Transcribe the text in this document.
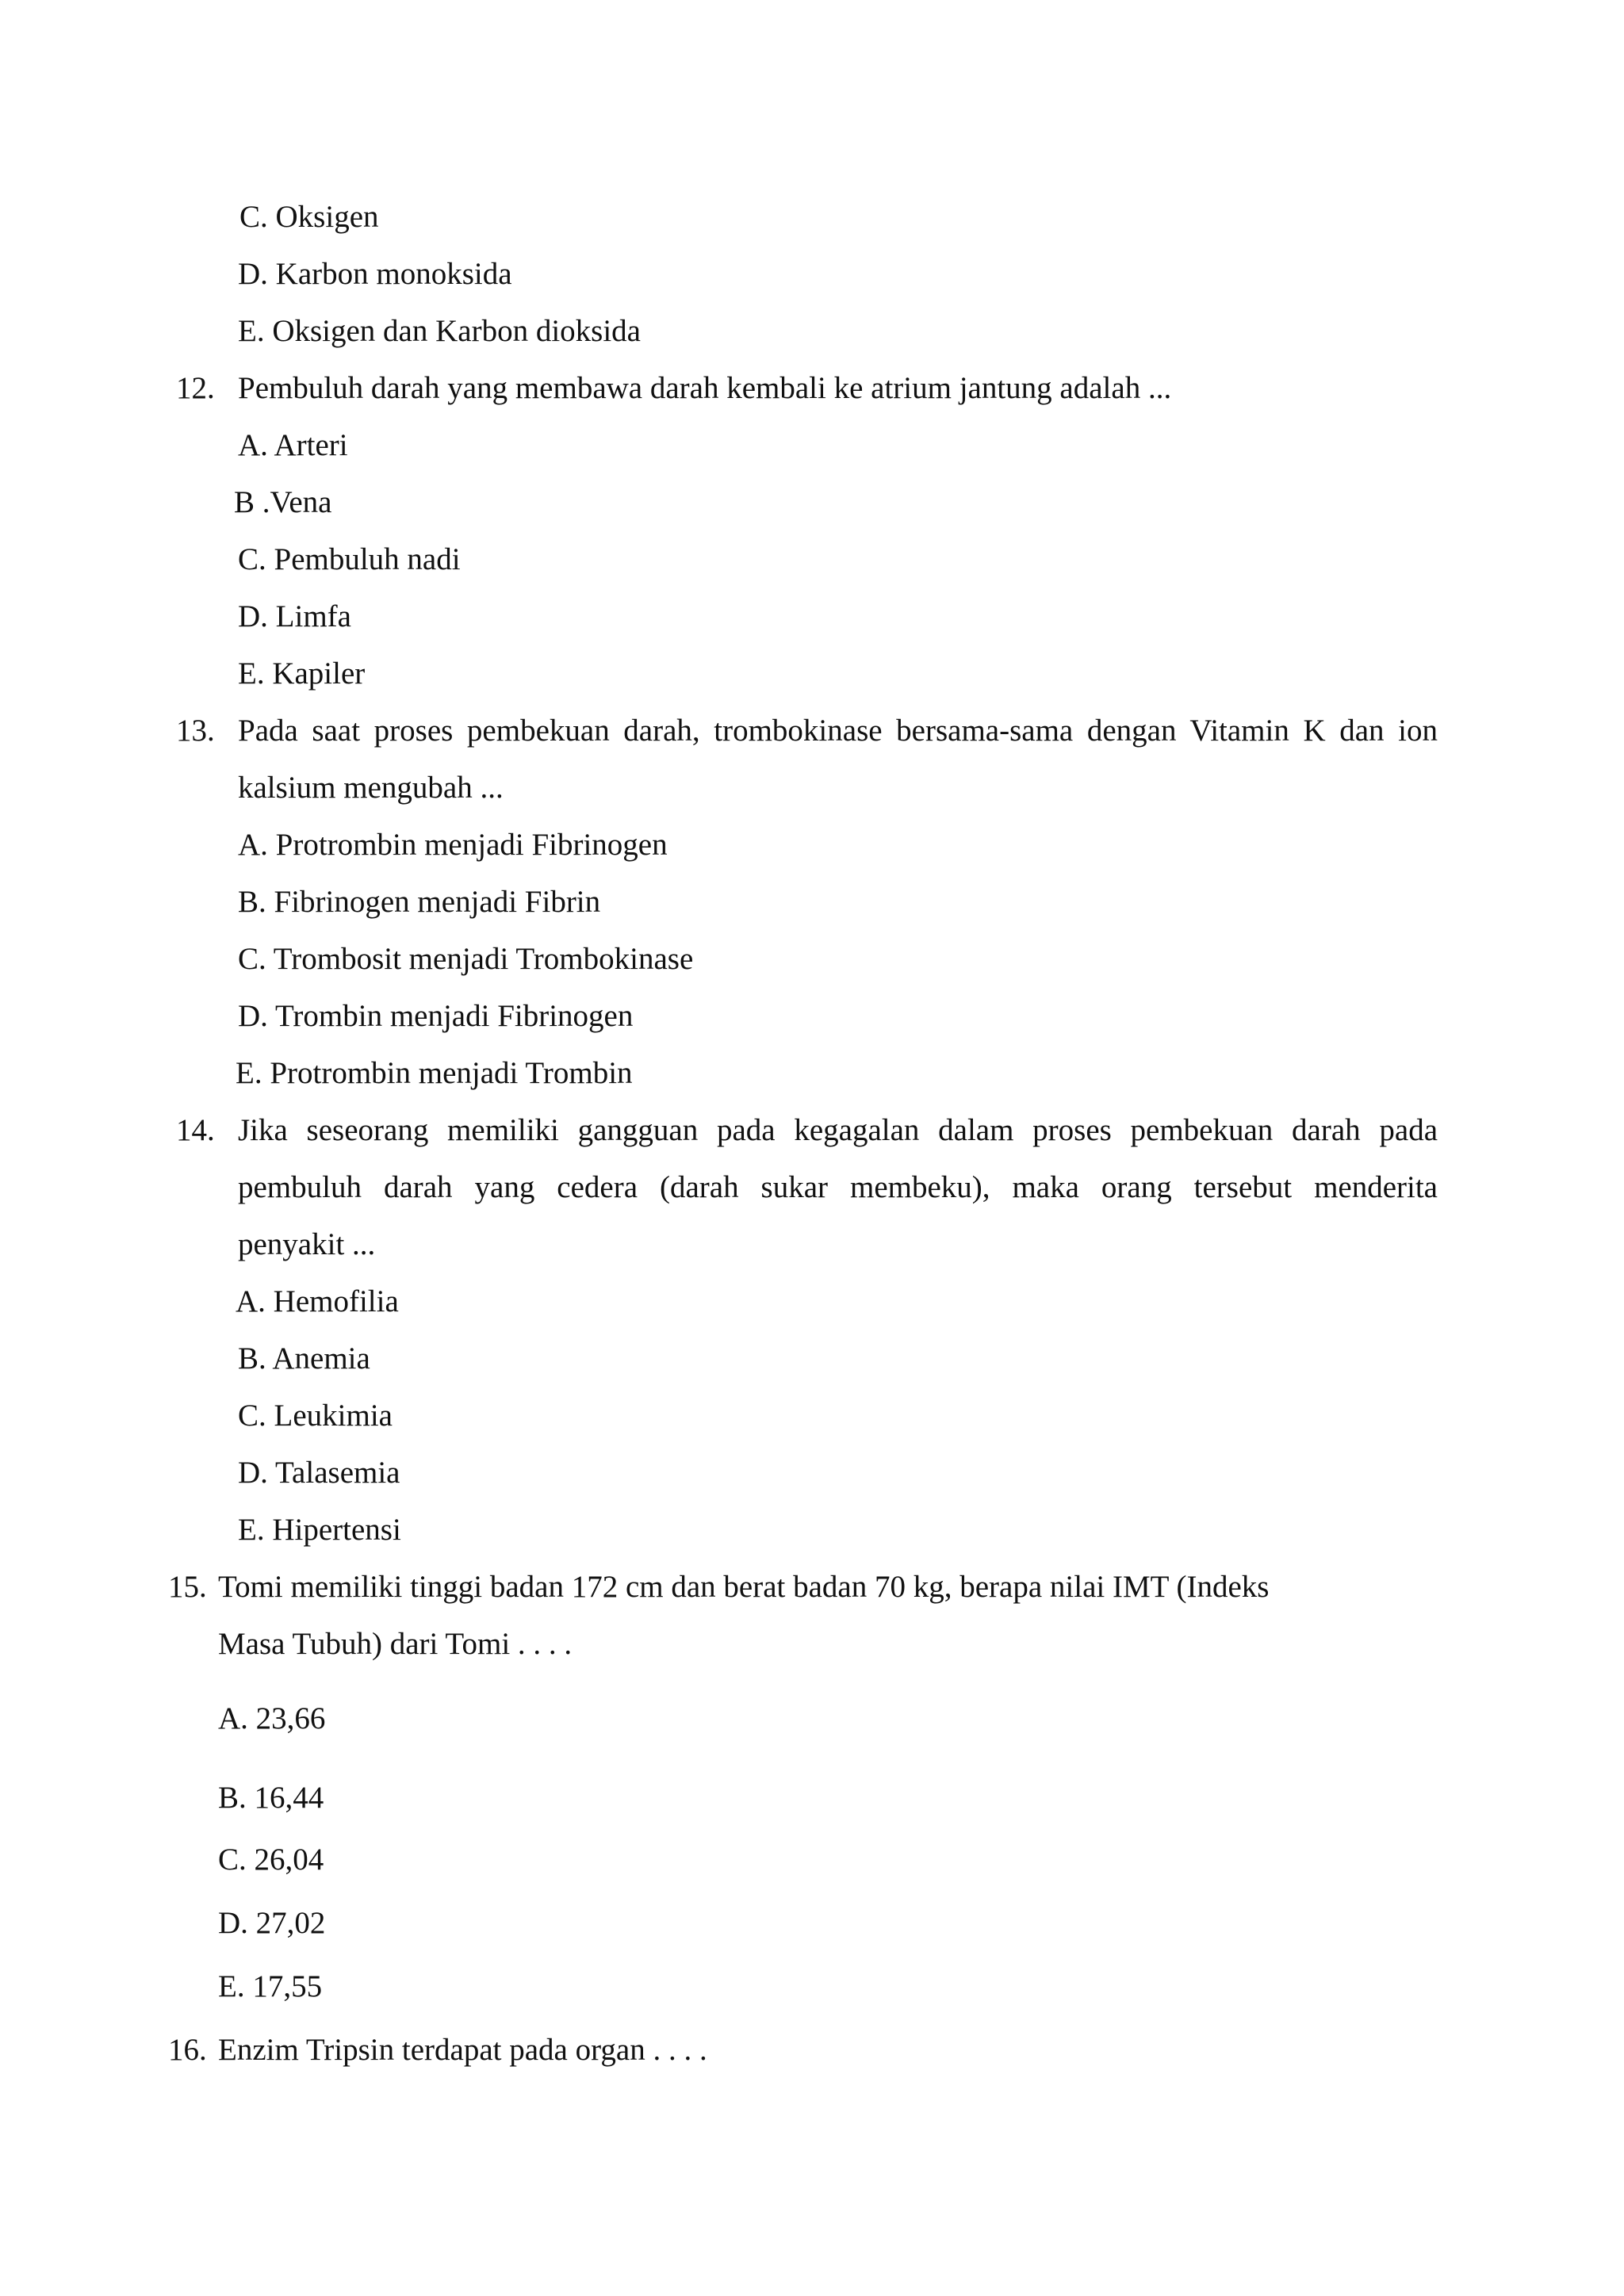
C. Oksigen
D. Karbon monoksida
E. Oksigen dan Karbon dioksida
12. Pembuluh darah yang membawa darah kembali ke atrium jantung adalah ...
A. Arteri
B .Vena
C. Pembuluh nadi
D. Limfa
E. Kapiler
13. Pada saat proses pembekuan darah, trombokinase bersama-sama dengan Vitamin K dan ion
kalsium mengubah ...
A. Protrombin menjadi Fibrinogen
B. Fibrinogen menjadi Fibrin
C. Trombosit menjadi Trombokinase
D. Trombin menjadi Fibrinogen
E. Protrombin menjadi Trombin
14. Jika seseorang memiliki gangguan pada kegagalan dalam proses pembekuan darah pada
pembuluh darah yang cedera (darah sukar membeku), maka orang tersebut menderita
penyakit ...
A. Hemofilia
B. Anemia
C. Leukimia
D. Talasemia
E. Hipertensi
15. Tomi memiliki tinggi badan 172 cm dan berat badan 70 kg, berapa nilai IMT (Indeks
Masa Tubuh) dari Tomi . . . .
A. 23,66
B. 16,44
C. 26,04
D. 27,02
E. 17,55
16. Enzim Tripsin terdapat pada organ . . . .
